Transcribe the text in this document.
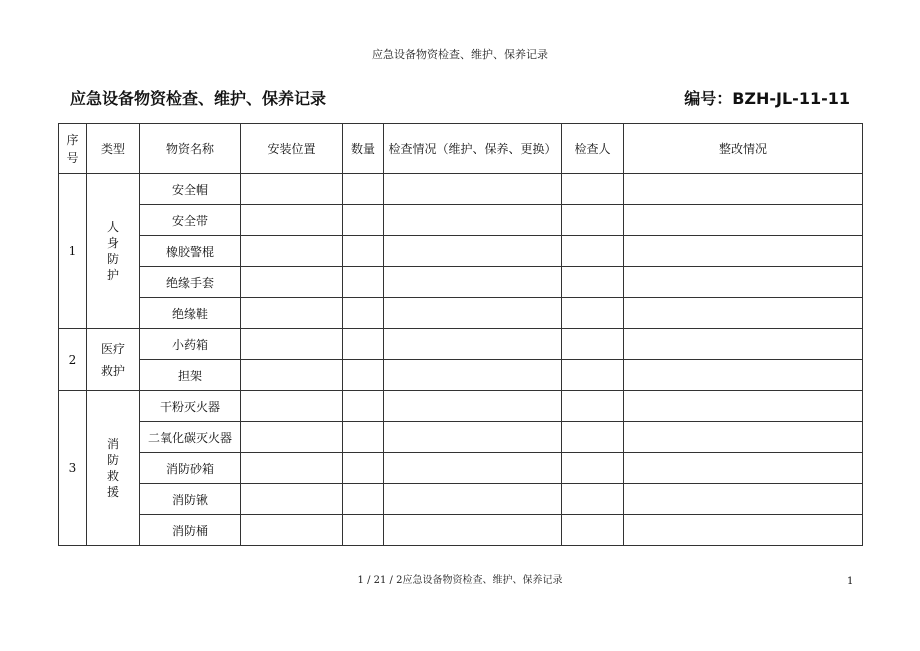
应急设备物资检查、维护、保养记录
应急设备物资检查、维护、保养记录	编号：BZH-JL-11-11
序号	类型	物资名称	安装位置	数量	检查情况（维护、保养、更换）	检查人	整改情况
1	人身防护	安全帽					
		安全带					
		橡胶警棍					
		绝缘手套					
		绝缘鞋					
2	医疗救护	小药箱					
		担架					
3	消防救援	干粉灭火器					
		二氧化碳灭火器					
		消防砂箱					
		消防锹					
		消防桶					
1 / 21 / 2应急设备物资检查、维护、保养记录	1
